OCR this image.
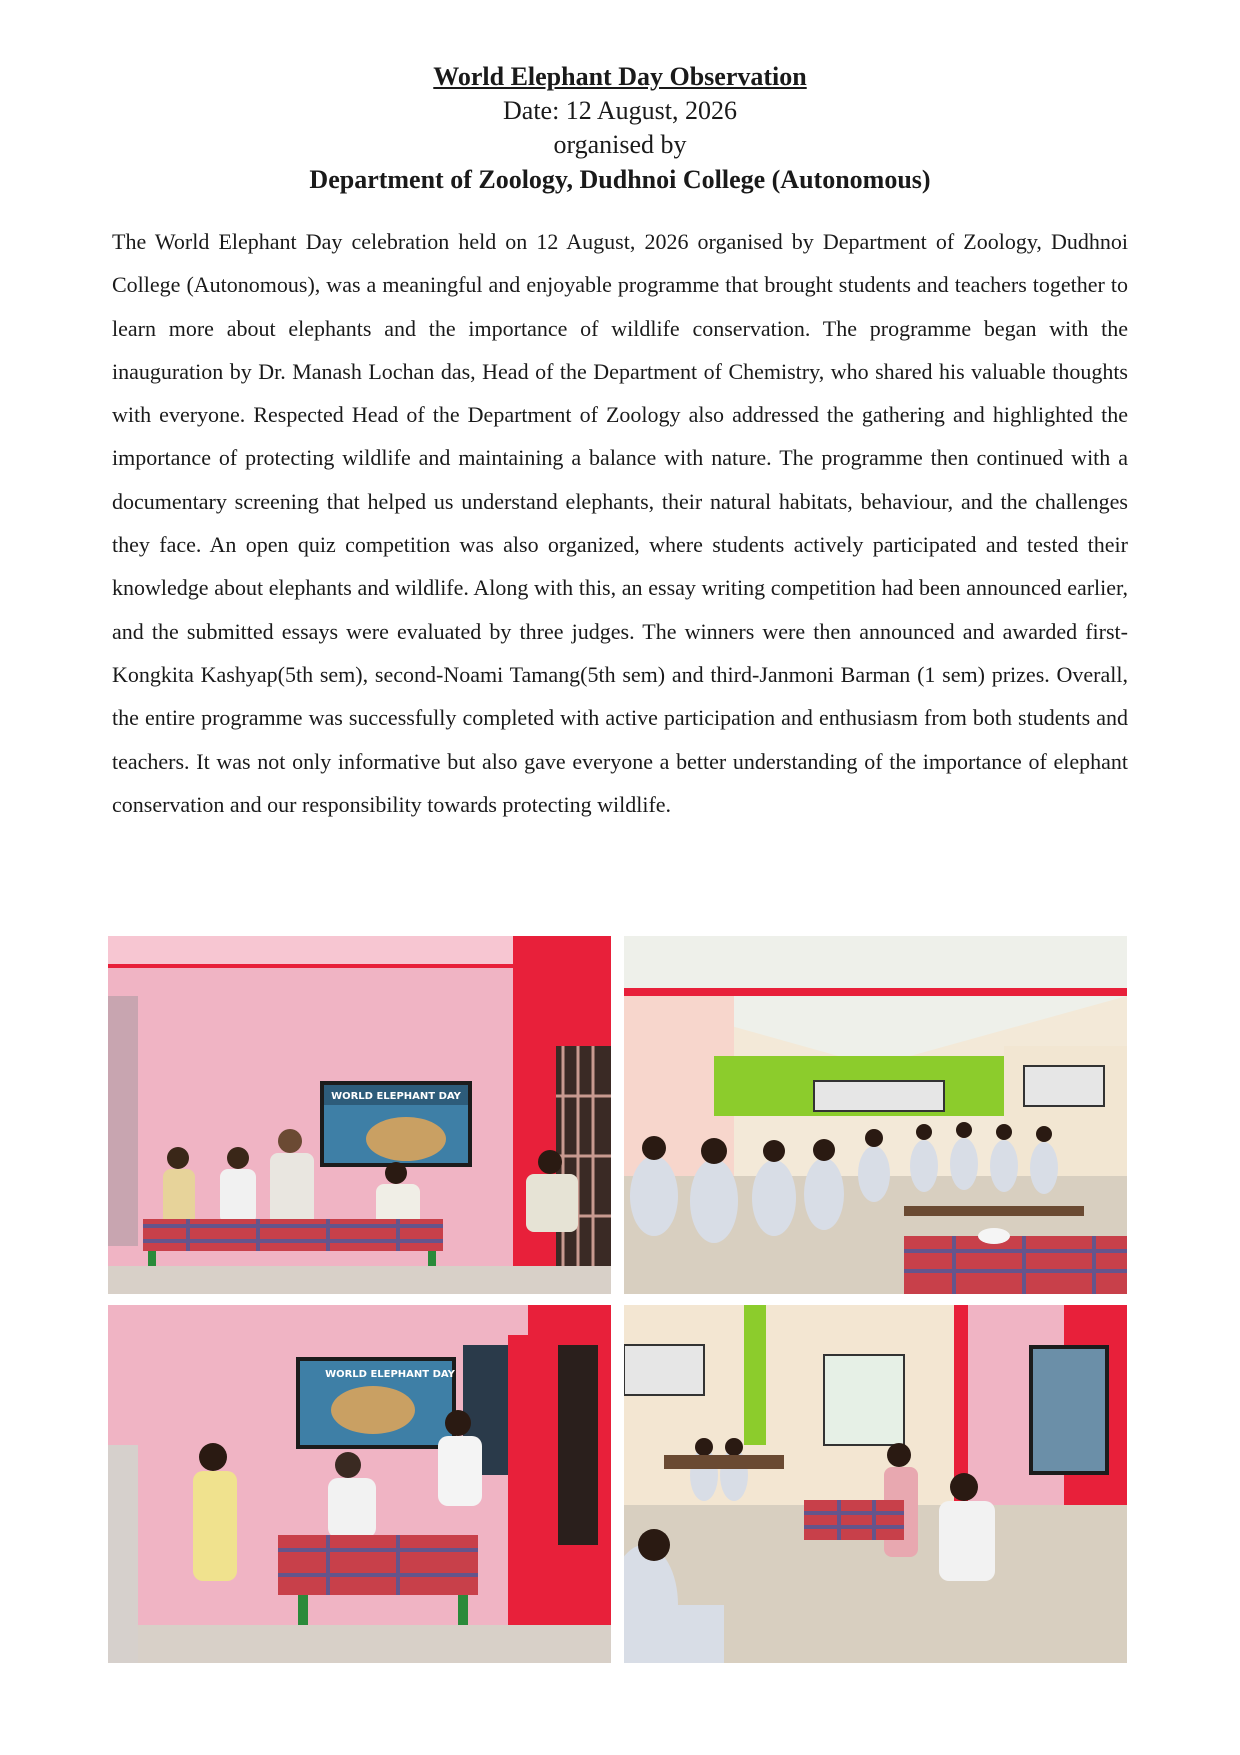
World Elephant Day Observation
Date: 12 August, 2026
organised by
Department of Zoology, Dudhnoi College (Autonomous)
The World Elephant Day celebration held on 12 August, 2026 organised by Department of Zoology, Dudhnoi College (Autonomous), was a meaningful and enjoyable programme that brought students and teachers together to learn more about elephants and the importance of wildlife conservation. The programme began with the inauguration by Dr. Manash Lochan das, Head of the Department of Chemistry, who shared his valuable thoughts with everyone. Respected Head of the Department of Zoology also addressed the gathering and highlighted the importance of protecting wildlife and maintaining a balance with nature. The programme then continued with a documentary screening that helped us understand elephants, their natural habitats, behaviour, and the challenges they face. An open quiz competition was also organized, where students actively participated and tested their knowledge about elephants and wildlife. Along with this, an essay writing competition had been announced earlier, and the submitted essays were evaluated by three judges. The winners were then announced and awarded first-Kongkita Kashyap(5th sem), second-Noami Tamang(5th sem) and third-Janmoni Barman (1 sem) prizes. Overall, the entire programme was successfully completed with active participation and enthusiasm from both students and teachers. It was not only informative but also gave everyone a better understanding of the importance of elephant conservation and our responsibility towards protecting wildlife.
WORLD ELEPHANT DAY
WORLD ELEPHANT DAY
